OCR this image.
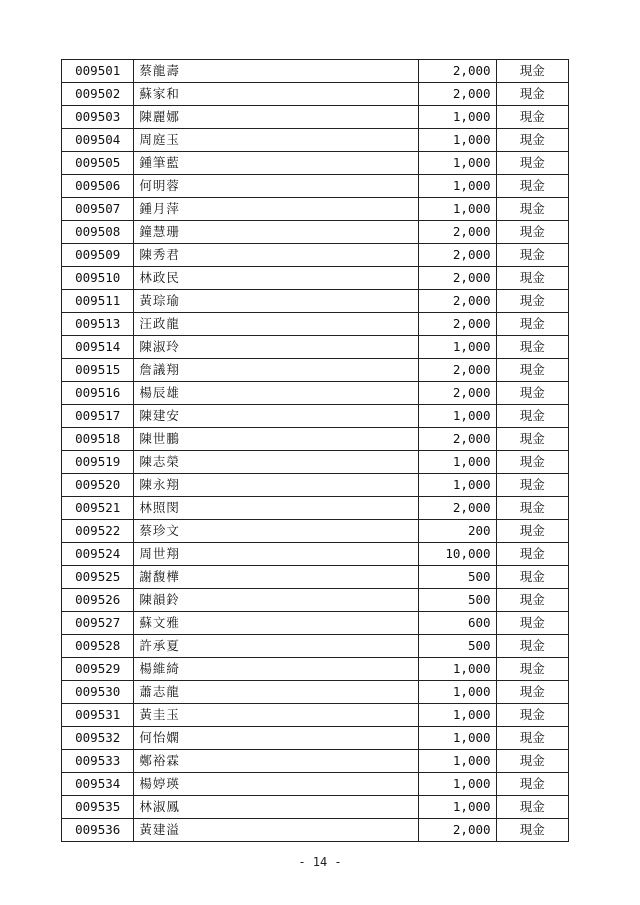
009501	蔡龍壽	2,000	現金
009502	蘇家和	2,000	現金
009503	陳麗娜	1,000	現金
009504	周庭玉	1,000	現金
009505	鍾筆藍	1,000	現金
009506	何明蓉	1,000	現金
009507	鍾月萍	1,000	現金
009508	鐘慧珊	2,000	現金
009509	陳秀君	2,000	現金
009510	林政民	2,000	現金
009511	黃琮瑜	2,000	現金
009513	汪政龍	2,000	現金
009514	陳淑玲	1,000	現金
009515	詹議翔	2,000	現金
009516	楊辰雄	2,000	現金
009517	陳建安	1,000	現金
009518	陳世鵬	2,000	現金
009519	陳志榮	1,000	現金
009520	陳永翔	1,000	現金
009521	林照閔	2,000	現金
009522	蔡珍文	200	現金
009524	周世翔	10,000	現金
009525	謝馥樺	500	現金
009526	陳韻鈴	500	現金
009527	蘇文雅	600	現金
009528	許承夏	500	現金
009529	楊維綺	1,000	現金
009530	蕭志龍	1,000	現金
009531	黃圭玉	1,000	現金
009532	何怡嫻	1,000	現金
009533	鄭裕霖	1,000	現金
009534	楊婷瑛	1,000	現金
009535	林淑鳳	1,000	現金
009536	黃建溢	2,000	現金
- 14 -
